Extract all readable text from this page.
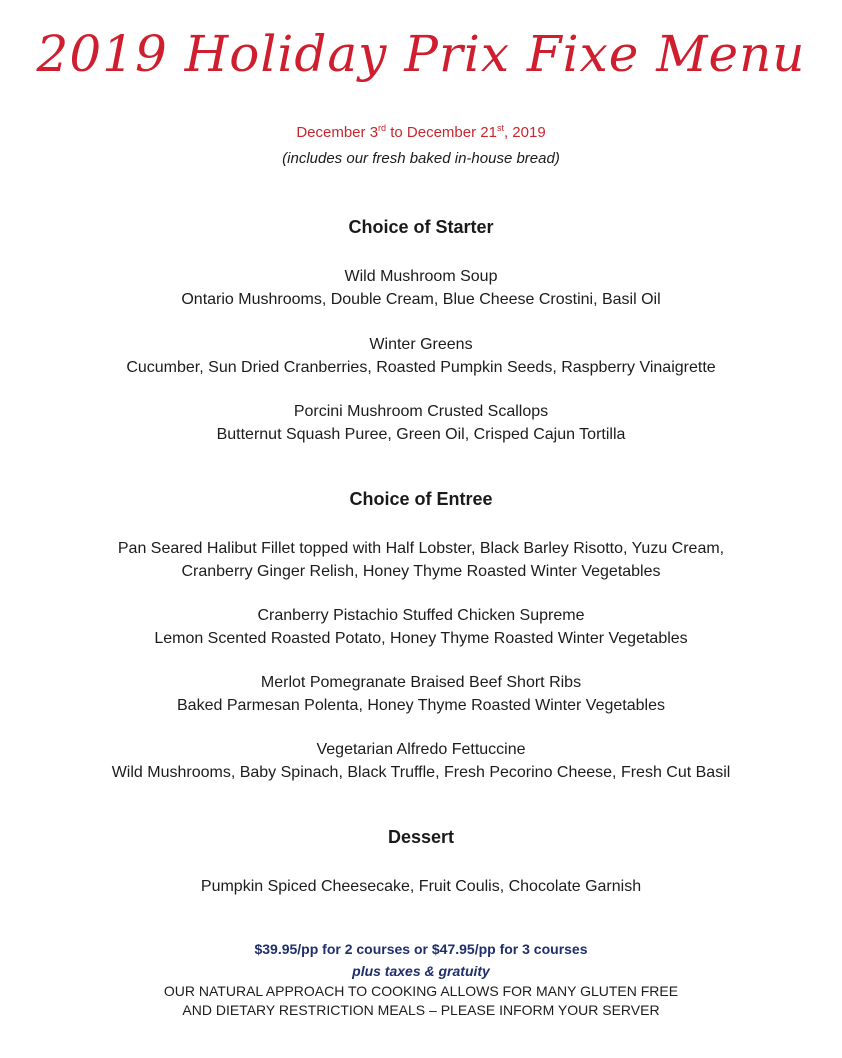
2019 Holiday Prix Fixe Menu
December 3rd to December 21st, 2019
(includes our fresh baked in-house bread)
Choice of Starter
Wild Mushroom Soup
Ontario Mushrooms, Double Cream, Blue Cheese Crostini, Basil Oil
Winter Greens
Cucumber, Sun Dried Cranberries, Roasted Pumpkin Seeds, Raspberry Vinaigrette
Porcini Mushroom Crusted Scallops
Butternut Squash Puree, Green Oil, Crisped Cajun Tortilla
Choice of Entree
Pan Seared Halibut Fillet topped with Half Lobster, Black Barley Risotto, Yuzu Cream,
Cranberry Ginger Relish, Honey Thyme Roasted Winter Vegetables
Cranberry Pistachio Stuffed Chicken Supreme
Lemon Scented Roasted Potato, Honey Thyme Roasted Winter Vegetables
Merlot Pomegranate Braised Beef Short Ribs
Baked Parmesan Polenta, Honey Thyme Roasted Winter Vegetables
Vegetarian Alfredo Fettuccine
Wild Mushrooms, Baby Spinach, Black Truffle, Fresh Pecorino Cheese, Fresh Cut Basil
Dessert
Pumpkin Spiced Cheesecake, Fruit Coulis, Chocolate Garnish
$39.95/pp for 2 courses or $47.95/pp for 3 courses
plus taxes & gratuity
OUR NATURAL APPROACH TO COOKING ALLOWS FOR MANY GLUTEN FREE
AND DIETARY RESTRICTION MEALS – PLEASE INFORM YOUR SERVER
